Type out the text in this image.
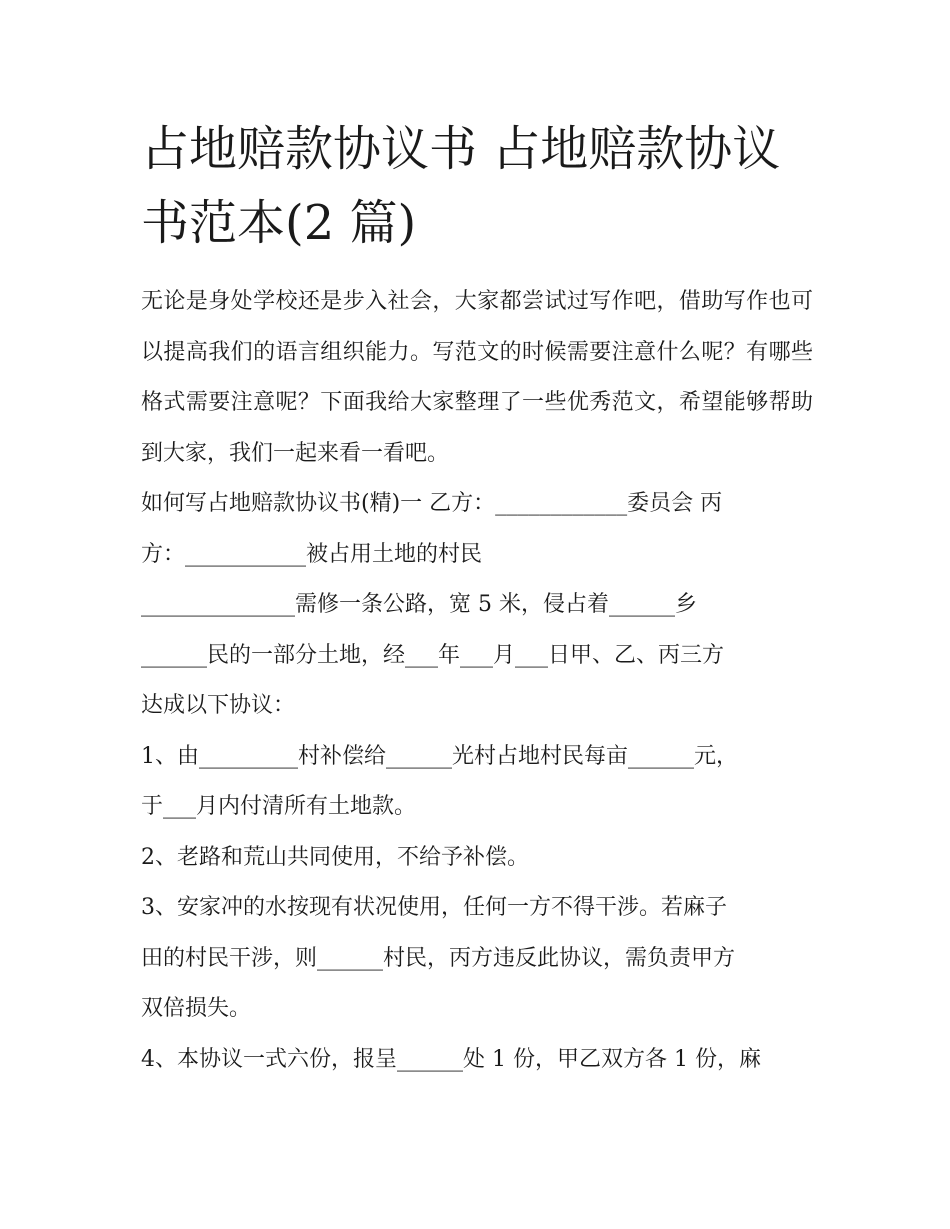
占地赔款协议书 占地赔款协议书范本(2 篇)

无论是身处学校还是步入社会，大家都尝试过写作吧，借助写作也可以提高我们的语言组织能力。写范文的时候需要注意什么呢？有哪些格式需要注意呢？下面我给大家整理了一些优秀范文，希望能够帮助到大家，我们一起来看一看吧。

如何写占地赔款协议书(精)一 乙方：____________委员会 丙
方：___________被占用土地的村民
______________需修一条公路，宽 5 米，侵占着______乡
______民的一部分土地，经___年___月___日甲、乙、丙三方
达成以下协议：
1、由_________村补偿给______光村占地村民每亩______元，
于___月内付清所有土地款。
2、老路和荒山共同使用，不给予补偿。
3、安家冲的水按现有状况使用，任何一方不得干涉。若麻子
田的村民干涉，则______村民，丙方违反此协议，需负责甲方
双倍损失。
4、本协议一式六份，报呈______处 1 份，甲乙双方各 1 份，麻
